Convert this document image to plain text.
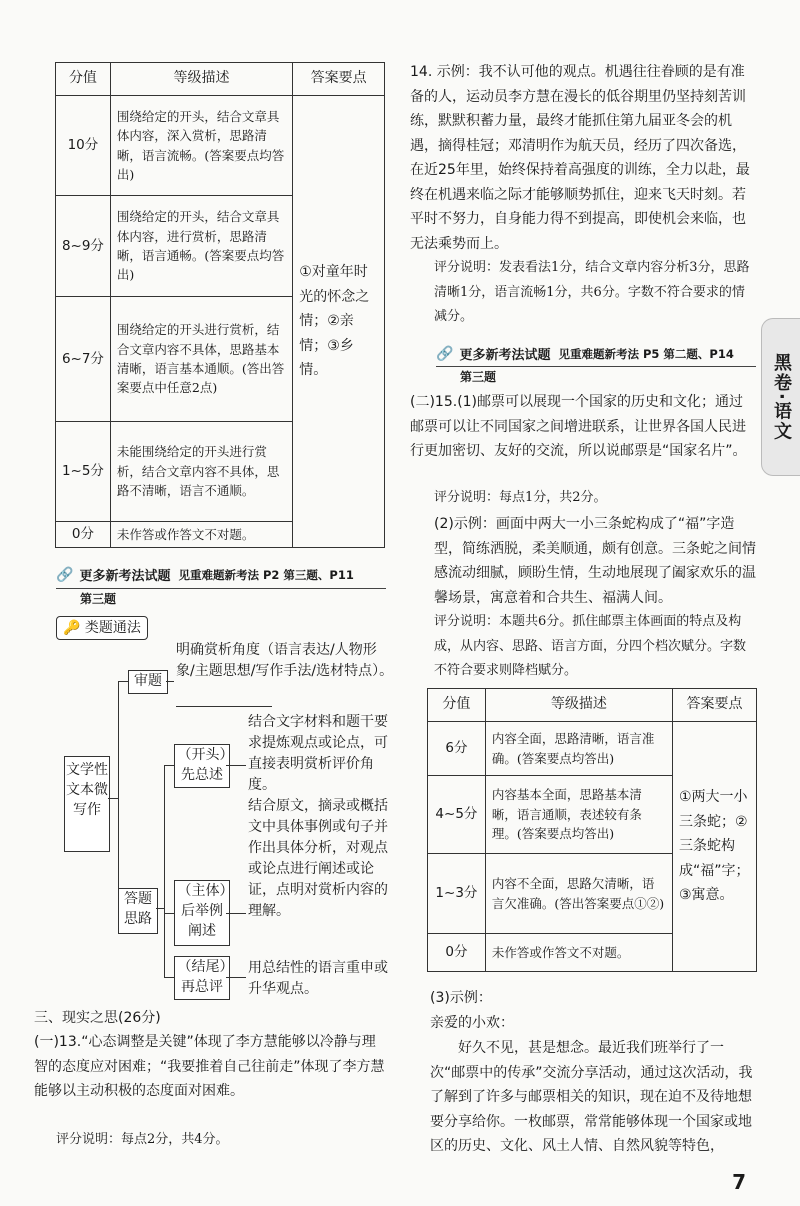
分值	等级描述	答案要点
10分	围绕给定的开头，结合文章具体内容，深入赏析，思路清晰，语言流畅。(答案要点均答出)	①对童年时光的怀念之情；②亲情；③乡情。
8~9分	围绕给定的开头，结合文章具体内容，进行赏析，思路清晰，语言通畅。(答案要点均答出)	
6~7分	围绕给定的开头进行赏析，结合文章内容不具体，思路基本清晰，语言基本通顺。(答出答案要点中任意2点)	
1~5分	未能围绕给定的开头进行赏析，结合文章内容不具体，思路不清晰，语言不通顺。	
0分	未作答或作答文不对题。	
🔗 更多新考法试题 见重难题新考法 P2 第三题、P11
第三题
🔑 类题通法
文学性文本微写作
审题
明确赏析角度（语言表达/人物形象/主题思想/写作手法/选材特点）。
答题思路
（开头）先总述
结合文字材料和题干要求提炼观点或论点，可直接表明赏析评价角度。
（主体）后举例阐述
结合原文，摘录或概括文中具体事例或句子并作出具体分析，对观点或论点进行阐述或论证，点明对赏析内容的理解。
（结尾）再总评
用总结性的语言重申或升华观点。
三、现实之思(26分)
(一)13.“心态调整是关键”体现了李方慧能够以冷静与理智的态度应对困难；“我要推着自己往前走”体现了李方慧能够以主动积极的态度面对困难。
评分说明：每点2分，共4分。
14. 示例：我不认可他的观点。机遇往往眷顾的是有准备的人，运动员李方慧在漫长的低谷期里仍坚持刻苦训练，默默积蓄力量，最终才能抓住第九届亚冬会的机遇，摘得桂冠；邓清明作为航天员，经历了四次备选，在近25年里，始终保持着高强度的训练，全力以赴，最终在机遇来临之际才能够顺势抓住，迎来飞天时刻。若平时不努力，自身能力得不到提高，即使机会来临，也无法乘势而上。
评分说明：发表看法1分，结合文章内容分析3分，思路清晰1分，语言流畅1分，共6分。字数不符合要求的情减分。
🔗 更多新考法试题 见重难题新考法 P5 第二题、P14
第三题
(二)15.(1)邮票可以展现一个国家的历史和文化；通过邮票可以让不同国家之间增进联系，让世界各国人民进行更加密切、友好的交流，所以说邮票是“国家名片”。
评分说明：每点1分，共2分。
(2)示例：画面中两大一小三条蛇构成了“福”字造型，简练洒脱，柔美顺通，颇有创意。三条蛇之间情感流动细腻，顾盼生情，生动地展现了阖家欢乐的温馨场景，寓意着和合共生、福满人间。
评分说明：本题共6分。抓住邮票主体画面的特点及构成，从内容、思路、语言方面，分四个档次赋分。字数不符合要求则降档赋分。
分值	等级描述	答案要点
6分	内容全面，思路清晰，语言准确。(答案要点均答出)	①两大一小三条蛇；②三条蛇构成“福”字；③寓意。
4~5分	内容基本全面，思路基本清晰，语言通顺，表述较有条理。(答案要点均答出)	
1~3分	内容不全面，思路欠清晰，语言欠准确。(答出答案要点①②)	
0分	未作答或作答文不对题。	
(3)示例：
亲爱的小欢：
好久不见，甚是想念。最近我们班举行了一次“邮票中的传承”交流分享活动，通过这次活动，我了解到了许多与邮票相关的知识，现在迫不及待地想要分享给你。一枚邮票，常常能够体现一个国家或地区的历史、文化、风土人情、自然风貌等特色，
黑卷·语文
7
